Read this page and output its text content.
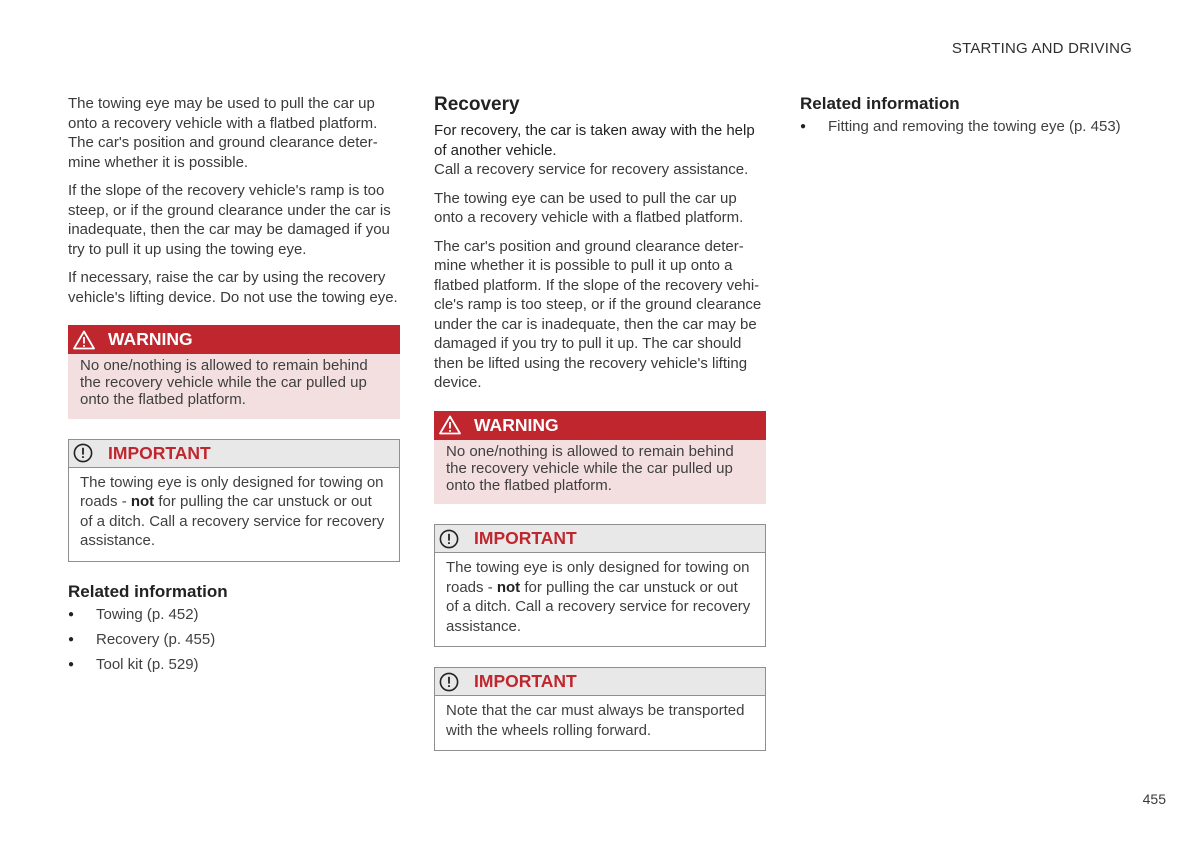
STARTING AND DRIVING

The towing eye may be used to pull the car up onto a recovery vehicle with a flatbed platform. The car's position and ground clearance deter-mine whether it is possible.

If the slope of the recovery vehicle's ramp is too steep, or if the ground clearance under the car is inadequate, then the car may be damaged if you try to pull it up using the towing eye.

If necessary, raise the car by using the recovery vehicle's lifting device. Do not use the towing eye.

WARNING
No one/nothing is allowed to remain behind the recovery vehicle while the car pulled up onto the flatbed platform.
IMPORTANT
The towing eye is only designed for towing on roads - not for pulling the car unstuck or out of a ditch. Call a recovery service for recovery assistance.
Related information
● Towing (p. 452)
● Recovery (p. 455)
● Tool kit (p. 529)
Recovery

For recovery, the car is taken away with the help of another vehicle.

Call a recovery service for recovery assistance.

The towing eye can be used to pull the car up onto a recovery vehicle with a flatbed platform.

The car's position and ground clearance deter-mine whether it is possible to pull it up onto a flatbed platform. If the slope of the recovery vehi-cle's ramp is too steep, or if the ground clearance under the car is inadequate, then the car may be damaged if you try to pull it up. The car should then be lifted using the recovery vehicle's lifting device.

WARNING
No one/nothing is allowed to remain behind the recovery vehicle while the car pulled up onto the flatbed platform.
IMPORTANT
The towing eye is only designed for towing on roads - not for pulling the car unstuck or out of a ditch. Call a recovery service for recovery assistance.
IMPORTANT
Note that the car must always be transported with the wheels rolling forward.
Related information
● Fitting and removing the towing eye (p. 453)
455
